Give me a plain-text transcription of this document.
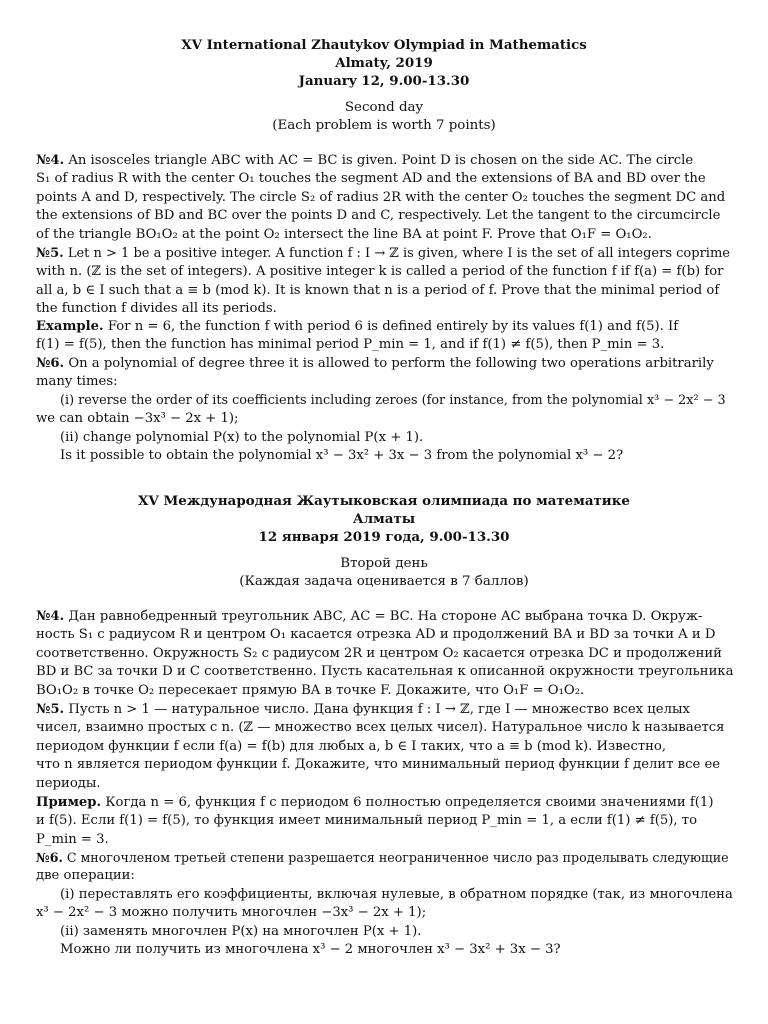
XV International Zhautykov Olympiad in Mathematics
Almaty, 2019
January 12, 9.00-13.30
Second day
(Each problem is worth 7 points)
№4. An isosceles triangle ABC with AC = BC is given. Point D is chosen on the side AC. The circle
S₁ of radius R with the center O₁ touches the segment AD and the extensions of BA and BD over the
points A and D, respectively. The circle S₂ of radius 2R with the center O₂ touches the segment DC and
the extensions of BD and BC over the points D and C, respectively. Let the tangent to the circumcircle
of the triangle BO₁O₂ at the point O₂ intersect the line BA at point F. Prove that O₁F = O₁O₂.
№5. Let n > 1 be a positive integer. A function f : I → ℤ is given, where I is the set of all integers coprime
with n. (ℤ is the set of integers). A positive integer k is called a period of the function f if f(a) = f(b) for
all a, b ∈ I such that a ≡ b (mod k). It is known that n is a period of f. Prove that the minimal period of
the function f divides all its periods.
Example. For n = 6, the function f with period 6 is defined entirely by its values f(1) and f(5). If
f(1) = f(5), then the function has minimal period P_min = 1, and if f(1) ≠ f(5), then P_min = 3.
№6. On a polynomial of degree three it is allowed to perform the following two operations arbitrarily
many times:
(i) reverse the order of its coefficients including zeroes (for instance, from the polynomial x³ − 2x² − 3
we can obtain −3x³ − 2x + 1);
(ii) change polynomial P(x) to the polynomial P(x + 1).
Is it possible to obtain the polynomial x³ − 3x² + 3x − 3 from the polynomial x³ − 2?
XV Международная Жаутыковская олимпиада по математике
Алматы
12 января 2019 года, 9.00-13.30
Второй день
(Каждая задача оценивается в 7 баллов)
№4. Дан равнобедренный треугольник ABC, AC = BC. На стороне AC выбрана точка D. Окруж-
ность S₁ с радиусом R и центром O₁ касается отрезка AD и продолжений BA и BD за точки A и D
соответственно. Окружность S₂ с радиусом 2R и центром O₂ касается отрезка DC и продолжений
BD и BC за точки D и C соответственно. Пусть касательная к описанной окружности треугольника
BO₁O₂ в точке O₂ пересекает прямую BA в точке F. Докажите, что O₁F = O₁O₂.
№5. Пусть n > 1 — натуральное число. Дана функция f : I → ℤ, где I — множество всех целых
чисел, взаимно простых с n. (ℤ — множество всех целых чисел). Натуральное число k называется
периодом функции f если f(a) = f(b) для любых a, b ∈ I таких, что a ≡ b (mod k). Известно,
что n является периодом функции f. Докажите, что минимальный период функции f делит все ее
периоды.
Пример. Когда n = 6, функция f с периодом 6 полностью определяется своими значениями f(1)
и f(5). Если f(1) = f(5), то функция имеет минимальный период P_min = 1, а если f(1) ≠ f(5), то
P_min = 3.
№6. С многочленом третьей степени разрешается неограниченное число раз проделывать следующие
две операции:
(i) переставлять его коэффициенты, включая нулевые, в обратном порядке (так, из многочлена
x³ − 2x² − 3 можно получить многочлен −3x³ − 2x + 1);
(ii) заменять многочлен P(x) на многочлен P(x + 1).
Можно ли получить из многочлена x³ − 2 многочлен x³ − 3x² + 3x − 3?
